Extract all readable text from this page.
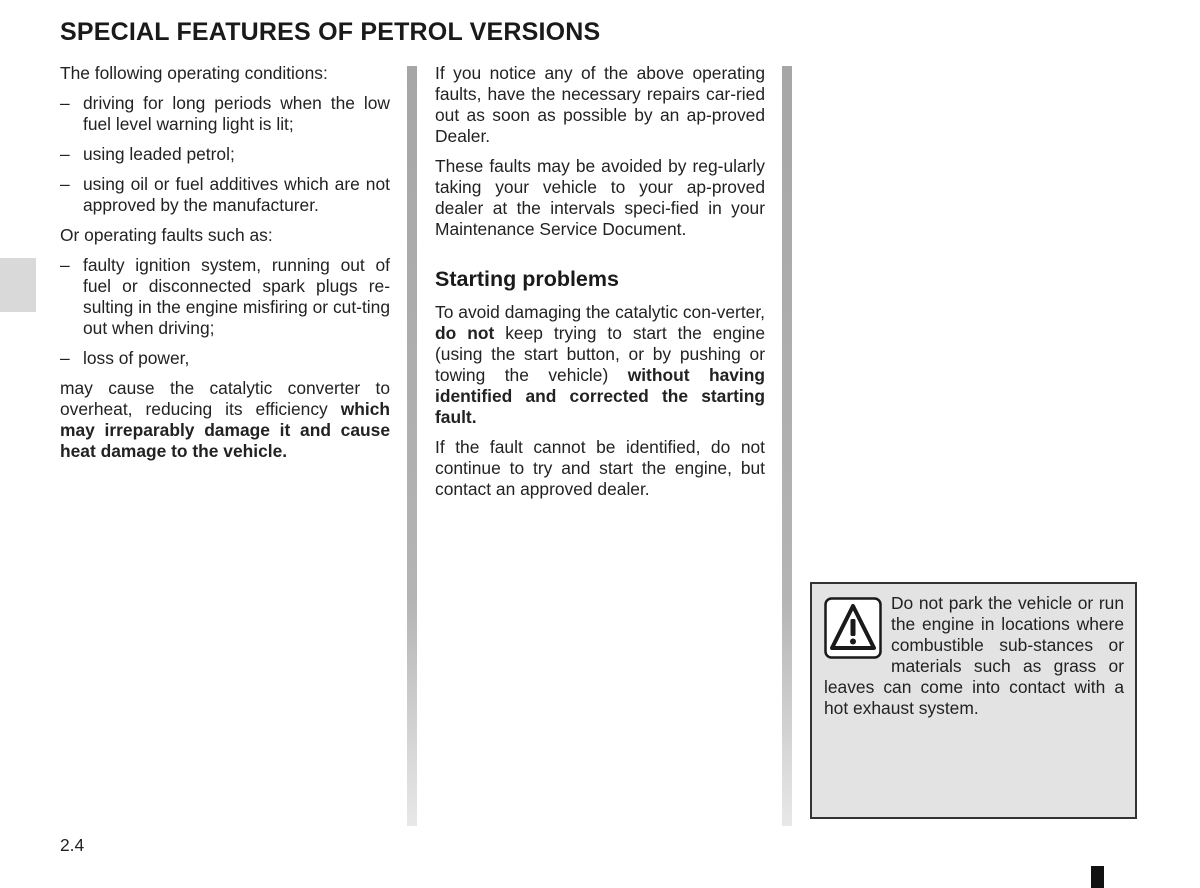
SPECIAL FEATURES OF PETROL VERSIONS

The following operating conditions:

– driving for long periods when the low fuel level warning light is lit;
– using leaded petrol;
– using oil or fuel additives which are not approved by the manufacturer.

Or operating faults such as:

– faulty ignition system, running out of fuel or disconnected spark plugs re-sulting in the engine misfiring or cut-ting out when driving;
– loss of power,

may cause the catalytic converter to overheat, reducing its efficiency which may irreparably damage it and cause heat damage to the vehicle.

If you notice any of the above operating faults, have the necessary repairs car-ried out as soon as possible by an ap-proved Dealer.

These faults may be avoided by reg-ularly taking your vehicle to your ap-proved dealer at the intervals speci-fied in your Maintenance Service Document.

Starting problems

To avoid damaging the catalytic con-verter, do not keep trying to start the engine (using the start button, or by pushing or towing the vehicle) without having identified and corrected the starting fault.

If the fault cannot be identified, do not continue to try and start the engine, but contact an approved dealer.

Do not park the vehicle or run the engine in locations where combustible sub-stances or materials such as grass or leaves can come into contact with a hot exhaust system.

2.4
